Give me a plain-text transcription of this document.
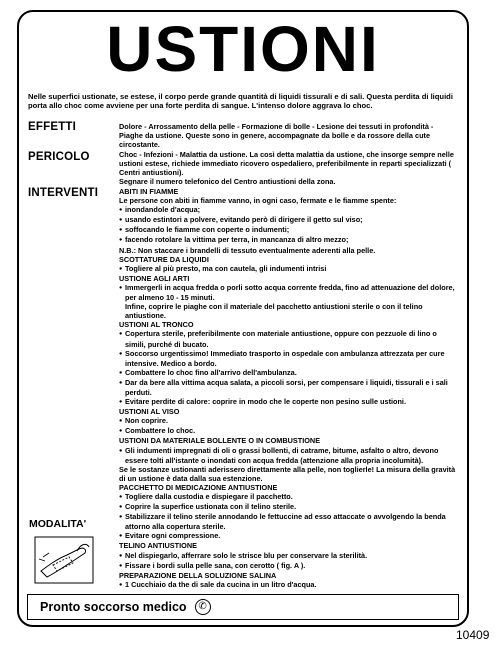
USTIONI
Nelle superfici ustionate, se estese, il corpo perde grande quantità di liquidi tissurali e di sali. Questa perdita di liquidi porta allo choc come avviene per una forte perdita di sangue. L'intenso dolore aggrava lo choc.
EFFETTI	Dolore - Arrossamento della pelle - Formazione di bolle - Lesione dei tessuti in profondità - Piaghe da ustione. Queste sono in genere, accompagnate da bolle e da rossore della cute circostante.
PERICOLO	Choc - Infezioni - Malattia da ustione. La così detta malattia da ustione, che insorge sempre nelle ustioni estese, richiede immediato ricovero ospedaliero, preferibilmente in reparti specializzati ( Centri antiustioni).
Segnare il numero telefonico del Centro antiustioni della zona.
INTERVENTI	ABITI IN FIAMME
Le persone con abiti in fiamme vanno, in ogni caso, fermate e le fiamme spente:
● inondandole d'acqua;
● usando estintori a polvere, evitando però di dirigere il getto sul viso;
● soffocando le fiamme con coperte o indumenti;
● facendo rotolare la vittima per terra, in mancanza di altro mezzo;
N.B.: Non staccare i brandelli di tessuto eventualmente aderenti alla pelle.
SCOTTATURE DA LIQUIDI
● Togliere al più presto, ma con cautela, gli indumenti intrisi
USTIONE AGLI ARTI
● Immergerli in acqua fredda o porli sotto acqua corrente fredda, fino ad attenuazione del dolore, per almeno 10 - 15 minuti.
Infine, coprire le piaghe con il materiale del pacchetto antiustioni sterile o con il telino antiustione.
USTIONI AL TRONCO
● Copertura sterile, preferibilmente con materiale antiustione, oppure con pezzuole di lino o simili, purché di bucato.
● Soccorso urgentissimo! Immediato trasporto in ospedale con ambulanza attrezzata per cure intensive. Medico a bordo.
● Combattere lo choc fino all'arrivo dell'ambulanza.
● Dar da bere alla vittima acqua salata, a piccoli sorsi, per compensare i liquidi, tissurali e i sali perduti.
● Evitare perdite di calore: coprire in modo che le coperte non pesino sulle ustioni.
USTIONI AL VISO
● Non coprire.
● Combattere lo choc.
USTIONI DA MATERIALE BOLLENTE O IN COMBUSTIONE
● Gli indumenti impregnati di oli o grassi bollenti, di catrame, bitume, asfalto o altro, devono essere tolti all'istante o inondati con acqua fredda (attenzione alla propria incolumità).
Se le sostanze ustionanti aderissero direttamente alla pelle, non toglierle! La misura della gravità di un ustione è data dalla sua estenzione.
PACCHETTO DI MEDICAZIONE ANTIUSTIONE
● Togliere dalla custodia e dispiegare il pacchetto.
● Coprire la superfice ustionata con il telino sterile.
● Stabilizzare il telino sterile annodando le fettuccine ad esso attaccate o avvolgendo la benda attorno alla copertura sterile.
● Evitare ogni compressione.
TELINO ANTIUSTIONE
● Nel dispiegarlo, afferrare solo le strisce blu per conservare la sterilità.
● Fissare i bordi sulla pelle sana, con cerotto ( fig. A ).
PREPARAZIONE DELLA SOLUZIONE SALINA
● 1 Cucchiaio da the di sale da cucina in un litro d'acqua.
MODALITA'
Pronto soccorso medico	✆
10409
